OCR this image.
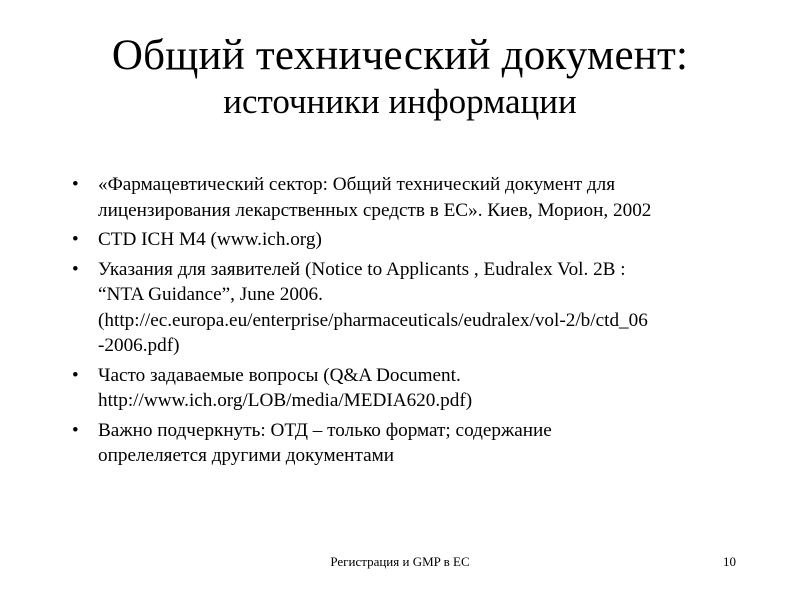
Общий технический документ:
источники информации
•	«Фармацевтический сектор: Общий технический документ для
лицензирования лекарственных средств в ЕС». Киев, Морион, 2002
•	CTD ICH M4 (www.ich.org)
•	Указания для заявителей (Notice to Applicants , Eudralex Vol. 2B :
“NTA Guidance”, June 2006.
(http://ec.europa.eu/enterprise/pharmaceuticals/eudralex/vol-2/b/ctd_06
-2006.pdf)
•	Часто задаваемые вопросы (Q&A Document.
http://www.ich.org/LOB/media/MEDIA620.pdf)
•	Важно подчеркнуть: ОТД – только формат; содержание
опрелеляется другими документами
Регистрация и GMP в ЕС	10
